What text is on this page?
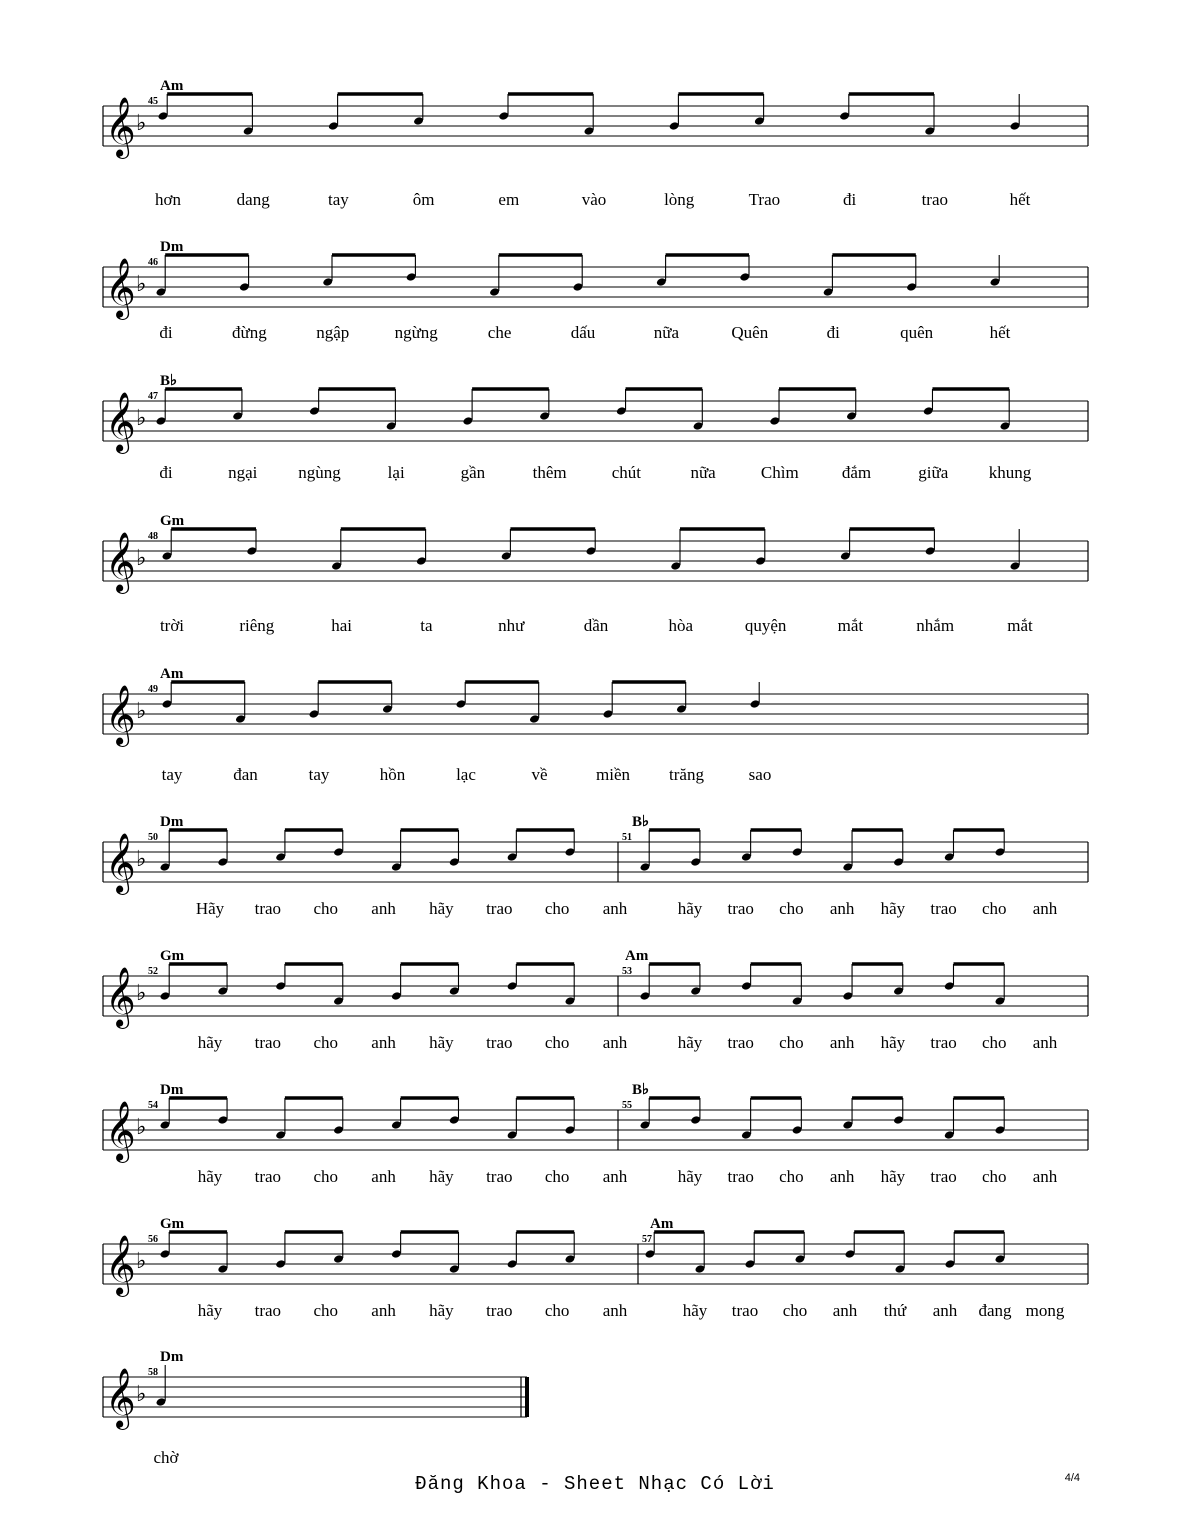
𝄞 ♭
45
Am
hơn	dang	tay	ôm	em	vào	lòng	Trao	đi	trao	hết
𝄞 ♭
46
Dm
đi	đừng	ngập	ngừng	che	dấu	nữa	Quên	đi	quên	hết
𝄞 ♭
47
B♭
đi	ngại ngùng	lại	gần	thêm	chút	nữa	Chìm	đắm	giữa khung
𝄞 ♭
48
Gm
trời	riêng	hai	ta	như	dần	hòa	quyện	mắt	nhắm	mắt
𝄞 ♭
49
Am
tay	đan	tay	hồn	lạc	về	miền trăng	sao
𝄞 ♭
50	51
Dm	B♭
Hãy trao cho anh hãy trao cho anh	hãy trao cho anh hãy trao cho anh
𝄞 ♭
52	53
Gm	Am
hãy trao cho anh hãy trao cho anh	hãy trao cho anh hãy trao cho anh
𝄞 ♭
54	55
Dm	B♭
hãy trao cho anh hãy trao cho anh	hãy trao cho anh hãy trao cho anh
𝄞 ♭
56	57
Gm	Am
hãy trao cho anh hãy trao cho anh	hãy trao cho anh thứ anh đang mong
𝄞 ♭
58
Dm
chờ
Đăng Khoa - Sheet Nhạc Có Lời	4/4
